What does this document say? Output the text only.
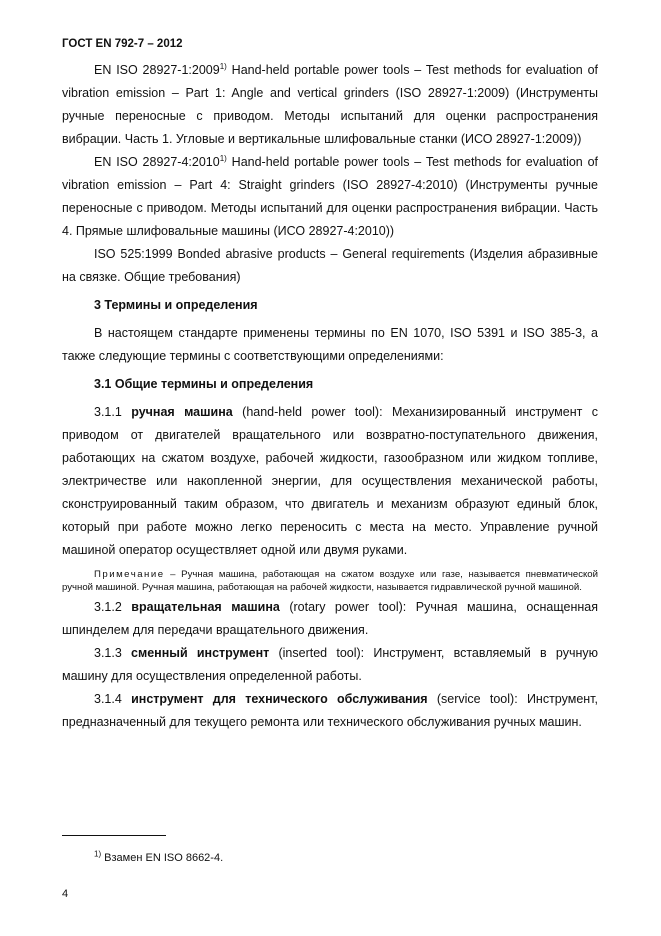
ГОСТ EN 792-7 – 2012

EN ISO 28927-1:2009$^{1)}$ Hand-held portable power tools – Test methods for evaluation of vibration emission – Part 1: Angle and vertical grinders (ISO 28927-1:2009) (Инструменты ручные переносные с приводом. Методы испытаний для оценки распространения вибрации. Часть 1. Угловые и вертикальные шлифовальные станки (ИСО 28927-1:2009))

EN ISO 28927-4:2010$^{1)}$ Hand-held portable power tools – Test methods for evaluation of vibration emission – Part 4: Straight grinders (ISO 28927-4:2010) (Инструменты ручные переносные с приводом. Методы испытаний для оценки распространения вибрации. Часть 4. Прямые шлифовальные машины (ИСО 28927-4:2010))

ISO 525:1999 Bonded abrasive products – General requirements (Изделия абразивные на связке. Общие требования)

3 Термины и определения

В настоящем стандарте применены термины по EN 1070, ISO 5391 и ISO 385-3, а также следующие термины с соответствующими определениями:

3.1 Общие термины и определения

3.1.1 ручная машина (hand-held power tool): Механизированный инструмент с приводом от двигателей вращательного или возвратно-поступательного движения, работающих на сжатом воздухе, рабочей жидкости, газообразном или жидком топливе, электричестве или накопленной энергии, для осуществления механической работы, сконструированный таким образом, что двигатель и механизм образуют единый блок, который при работе можно легко переносить с места на место. Управление ручной машиной оператор осуществляет одной или двумя руками.

Примечание – Ручная машина, работающая на сжатом воздухе или газе, называется пневматической ручной машиной. Ручная машина, работающая на рабочей жидкости, называется гидравлической ручной машиной.

3.1.2 вращательная машина (rotary power tool): Ручная машина, оснащенная шпинделем для передачи вращательного движения.

3.1.3 сменный инструмент (inserted tool): Инструмент, вставляемый в ручную машину для осуществления определенной работы.

3.1.4 инструмент для технического обслуживания (service tool): Инструмент, предназначенный для текущего ремонта или технического обслуживания ручных машин.

$^{1)}$ Взамен EN ISO 8662-4.
4
